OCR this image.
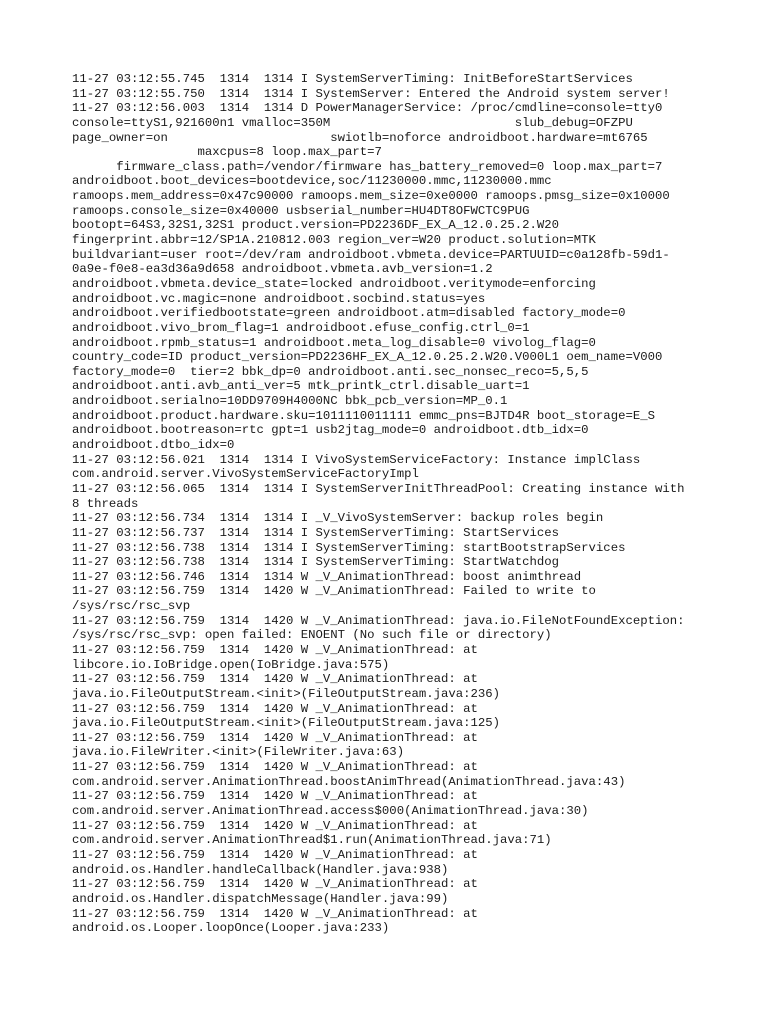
11-27 03:12:55.745  1314  1314 I SystemServerTiming: InitBeforeStartServices
11-27 03:12:55.750  1314  1314 I SystemServer: Entered the Android system server!
11-27 03:12:56.003  1314  1314 D PowerManagerService: /proc/cmdline=console=tty0
console=ttyS1,921600n1 vmalloc=350M                         slub_debug=OFZPU
page_owner=on                      swiotlb=noforce androidboot.hardware=mt6765
maxcpus=8 loop.max_part=7
firmware_class.path=/vendor/firmware has_battery_removed=0 loop.max_part=7
androidboot.boot_devices=bootdevice,soc/11230000.mmc,11230000.mmc
ramoops.mem_address=0x47c90000 ramoops.mem_size=0xe0000 ramoops.pmsg_size=0x10000
ramoops.console_size=0x40000 usbserial_number=HU4DT8OFWCTC9PUG
bootopt=64S3,32S1,32S1 product.version=PD2236DF_EX_A_12.0.25.2.W20
fingerprint.abbr=12/SP1A.210812.003 region_ver=W20 product.solution=MTK
buildvariant=user root=/dev/ram androidboot.vbmeta.device=PARTUUID=c0a128fb-59d1-
0a9e-f0e8-ea3d36a9d658 androidboot.vbmeta.avb_version=1.2
androidboot.vbmeta.device_state=locked androidboot.veritymode=enforcing
androidboot.vc.magic=none androidboot.socbind.status=yes
androidboot.verifiedbootstate=green androidboot.atm=disabled factory_mode=0
androidboot.vivo_brom_flag=1 androidboot.efuse_config.ctrl_0=1
androidboot.rpmb_status=1 androidboot.meta_log_disable=0 vivolog_flag=0
country_code=ID product_version=PD2236HF_EX_A_12.0.25.2.W20.V000L1 oem_name=V000
factory_mode=0  tier=2 bbk_dp=0 androidboot.anti.sec_nonsec_reco=5,5,5
androidboot.anti.avb_anti_ver=5 mtk_printk_ctrl.disable_uart=1
androidboot.serialno=10DD9709H4000NC bbk_pcb_version=MP_0.1
androidboot.product.hardware.sku=1011110011111 emmc_pns=BJTD4R boot_storage=E_S
androidboot.bootreason=rtc gpt=1 usb2jtag_mode=0 androidboot.dtb_idx=0
androidboot.dtbo_idx=0
11-27 03:12:56.021  1314  1314 I VivoSystemServiceFactory: Instance implClass
com.android.server.VivoSystemServiceFactoryImpl
11-27 03:12:56.065  1314  1314 I SystemServerInitThreadPool: Creating instance with
8 threads
11-27 03:12:56.734  1314  1314 I _V_VivoSystemServer: backup roles begin
11-27 03:12:56.737  1314  1314 I SystemServerTiming: StartServices
11-27 03:12:56.738  1314  1314 I SystemServerTiming: startBootstrapServices
11-27 03:12:56.738  1314  1314 I SystemServerTiming: StartWatchdog
11-27 03:12:56.746  1314  1314 W _V_AnimationThread: boost animthread
11-27 03:12:56.759  1314  1420 W _V_AnimationThread: Failed to write to
/sys/rsc/rsc_svp
11-27 03:12:56.759  1314  1420 W _V_AnimationThread: java.io.FileNotFoundException:
/sys/rsc/rsc_svp: open failed: ENOENT (No such file or directory)
11-27 03:12:56.759  1314  1420 W _V_AnimationThread: at
libcore.io.IoBridge.open(IoBridge.java:575)
11-27 03:12:56.759  1314  1420 W _V_AnimationThread: at
java.io.FileOutputStream.<init>(FileOutputStream.java:236)
11-27 03:12:56.759  1314  1420 W _V_AnimationThread: at
java.io.FileOutputStream.<init>(FileOutputStream.java:125)
11-27 03:12:56.759  1314  1420 W _V_AnimationThread: at
java.io.FileWriter.<init>(FileWriter.java:63)
11-27 03:12:56.759  1314  1420 W _V_AnimationThread: at
com.android.server.AnimationThread.boostAnimThread(AnimationThread.java:43)
11-27 03:12:56.759  1314  1420 W _V_AnimationThread: at
com.android.server.AnimationThread.access$000(AnimationThread.java:30)
11-27 03:12:56.759  1314  1420 W _V_AnimationThread: at
com.android.server.AnimationThread$1.run(AnimationThread.java:71)
11-27 03:12:56.759  1314  1420 W _V_AnimationThread: at
android.os.Handler.handleCallback(Handler.java:938)
11-27 03:12:56.759  1314  1420 W _V_AnimationThread: at
android.os.Handler.dispatchMessage(Handler.java:99)
11-27 03:12:56.759  1314  1420 W _V_AnimationThread: at
android.os.Looper.loopOnce(Looper.java:233)
